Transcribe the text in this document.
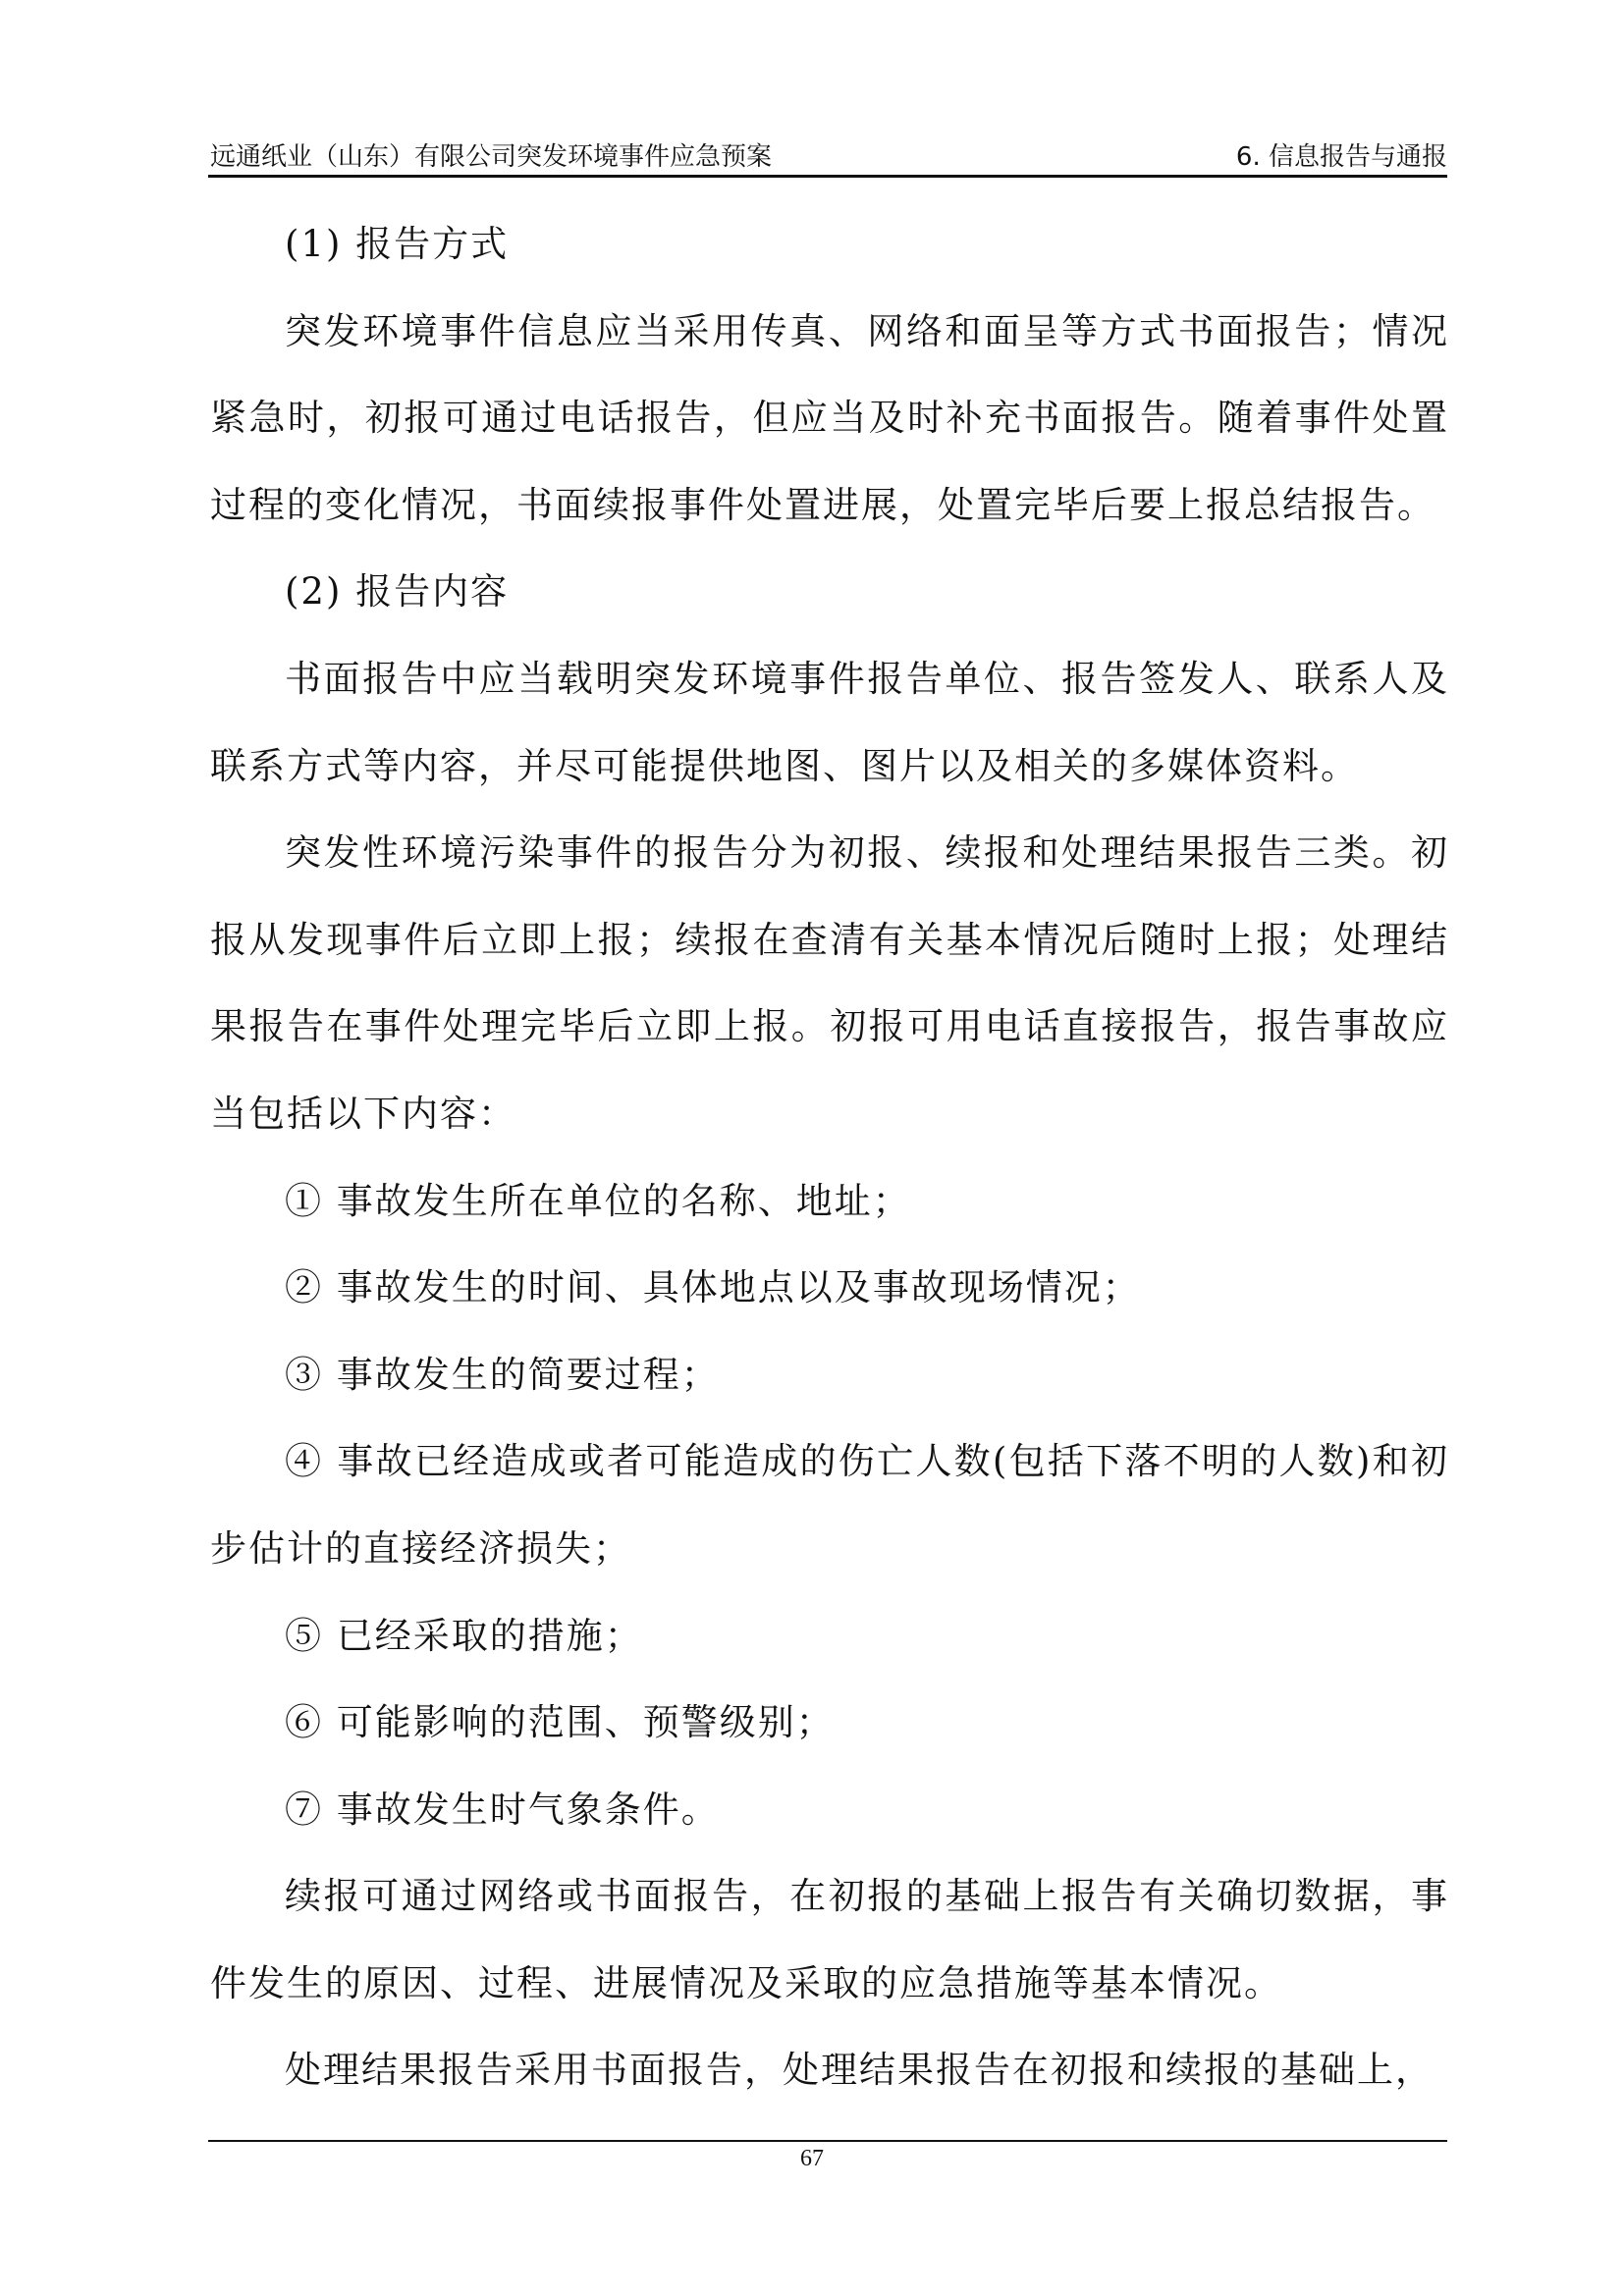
远通纸业（山东）有限公司突发环境事件应急预案	6. 信息报告与通报

(1) 报告方式

突发环境事件信息应当采用传真、网络和面呈等方式书面报告；情况紧急时，初报可通过电话报告，但应当及时补充书面报告。随着事件处置过程的变化情况，书面续报事件处置进展，处置完毕后要上报总结报告。

(2) 报告内容

书面报告中应当载明突发环境事件报告单位、报告签发人、联系人及联系方式等内容，并尽可能提供地图、图片以及相关的多媒体资料。

突发性环境污染事件的报告分为初报、续报和处理结果报告三类。初报从发现事件后立即上报；续报在查清有关基本情况后随时上报；处理结果报告在事件处理完毕后立即上报。初报可用电话直接报告，报告事故应当包括以下内容：

① 事故发生所在单位的名称、地址；

② 事故发生的时间、具体地点以及事故现场情况；

③ 事故发生的简要过程；

④ 事故已经造成或者可能造成的伤亡人数(包括下落不明的人数)和初步估计的直接经济损失；

⑤ 已经采取的措施；

⑥ 可能影响的范围、预警级别；

⑦ 事故发生时气象条件。

续报可通过网络或书面报告，在初报的基础上报告有关确切数据，事件发生的原因、过程、进展情况及采取的应急措施等基本情况。

处理结果报告采用书面报告，处理结果报告在初报和续报的基础上，

67
